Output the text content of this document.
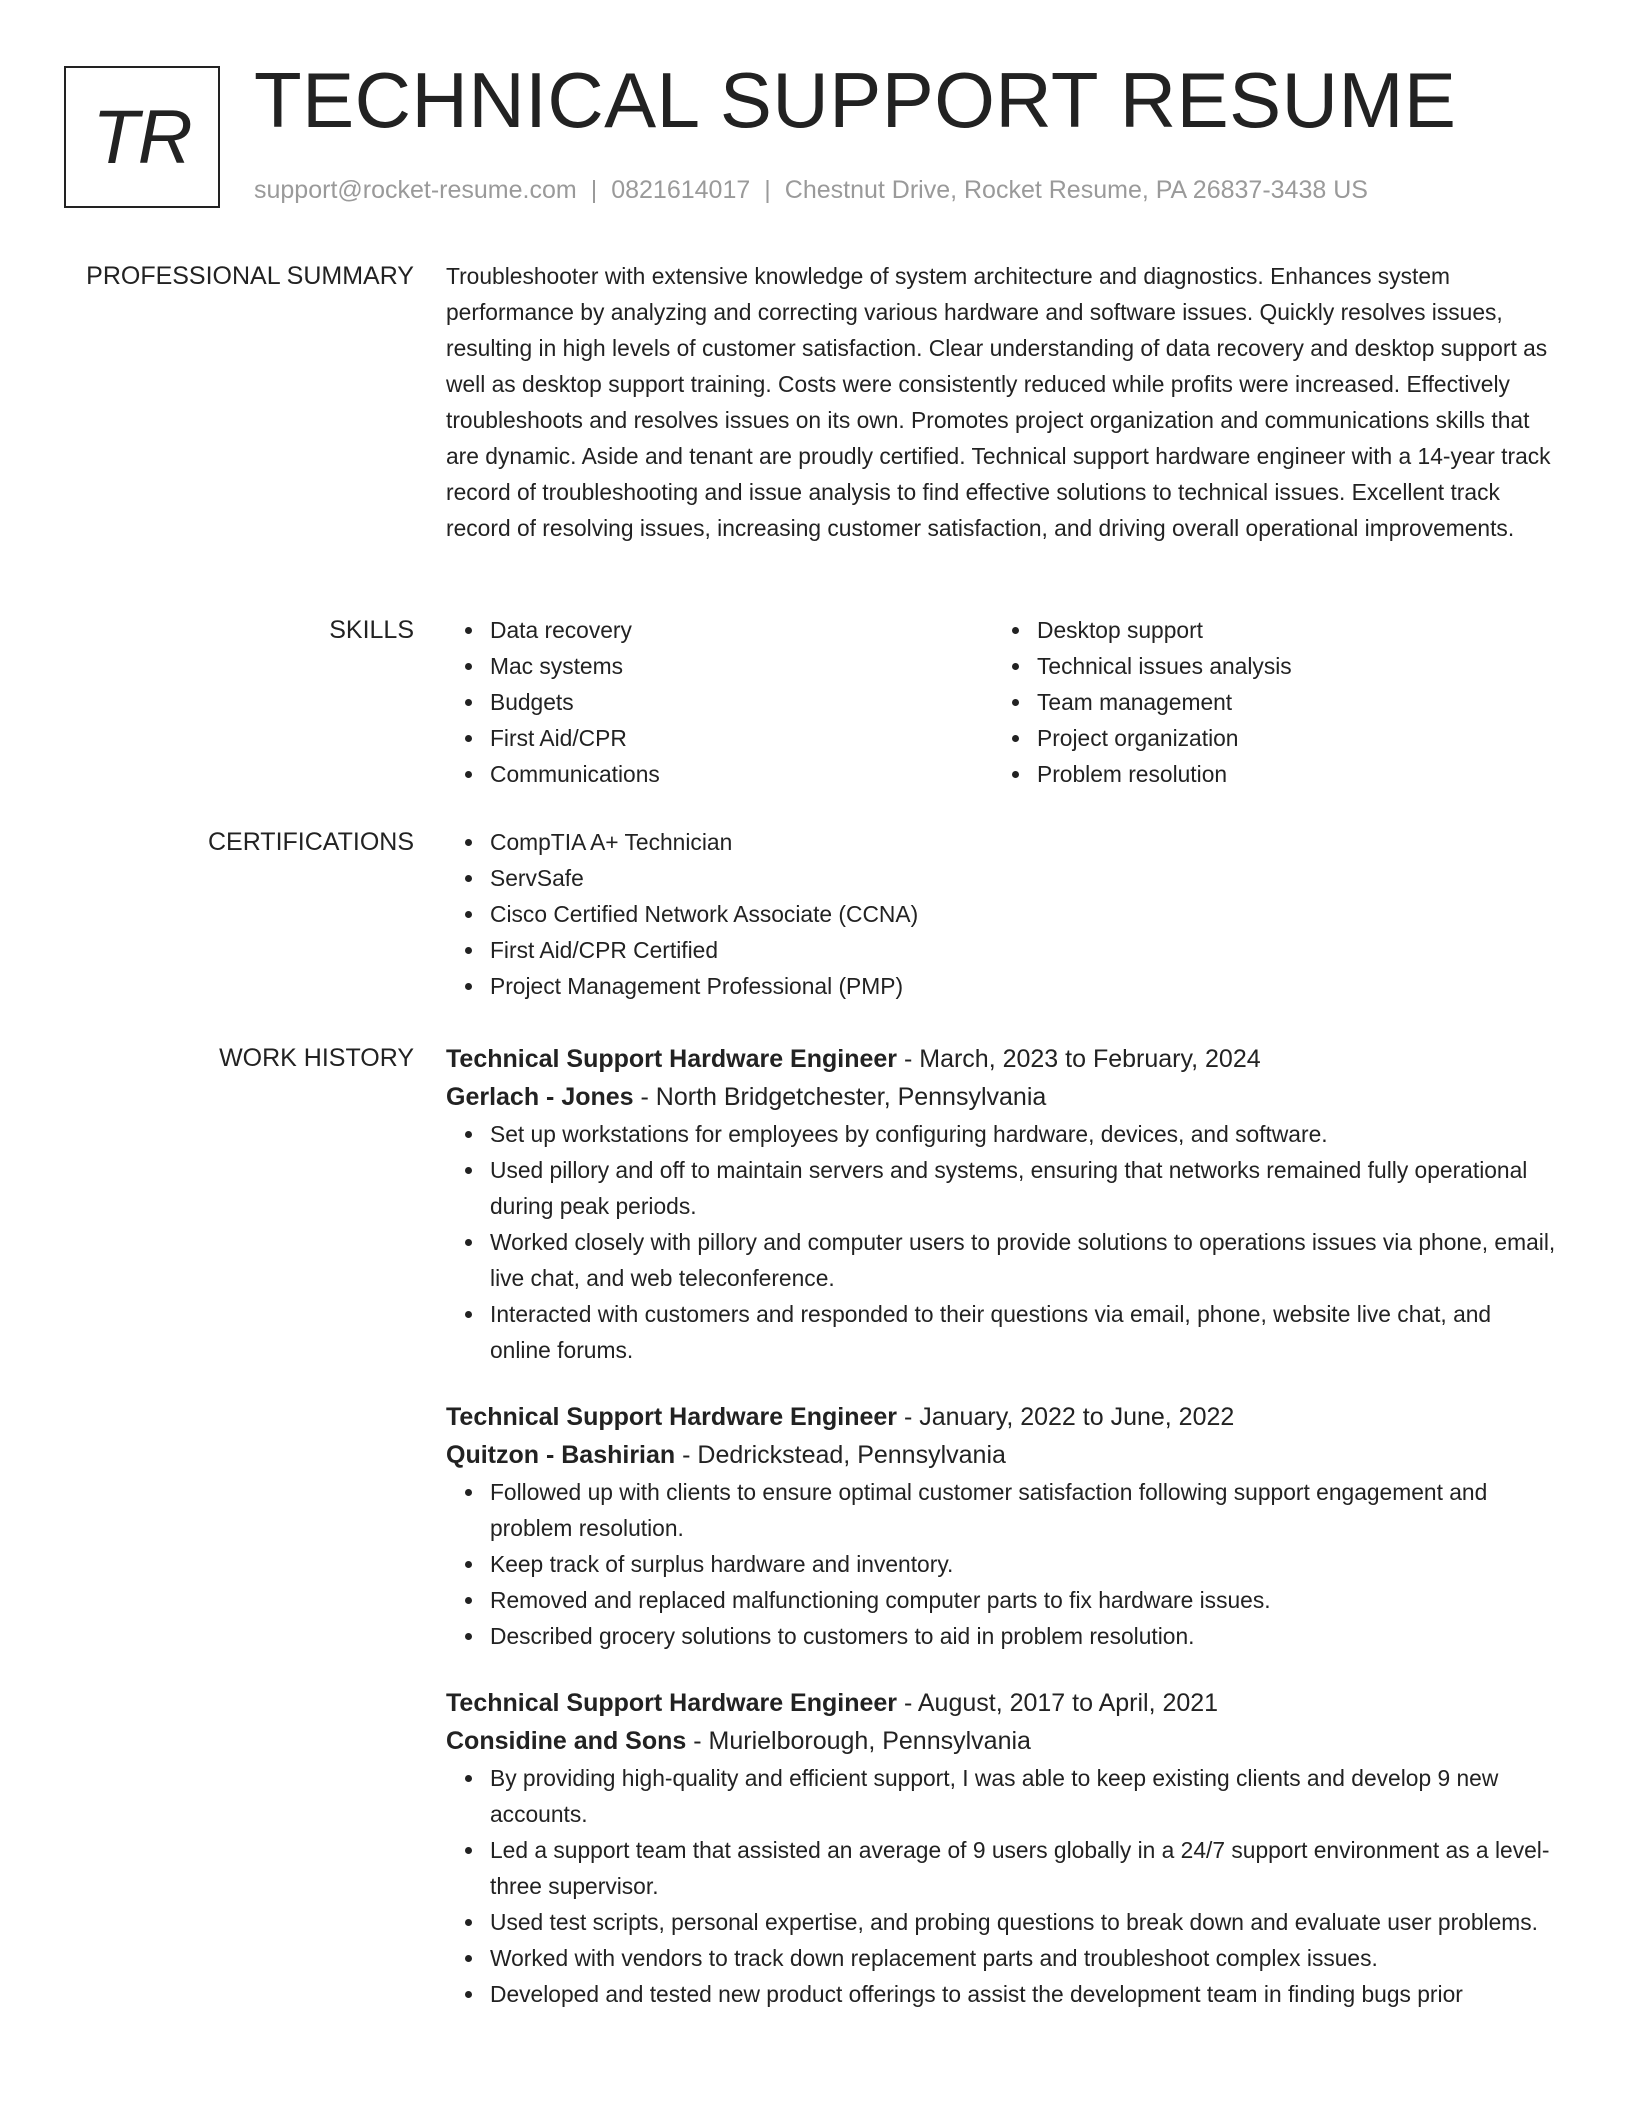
TR TECHNICAL SUPPORT RESUME
support@rocket-resume.com | 0821614017 | Chestnut Drive, Rocket Resume, PA 26837-3438 US
PROFESSIONAL SUMMARY Troubleshooter with extensive knowledge of system architecture and diagnostics. Enhances system performance by analyzing and correcting various hardware and software issues. Quickly resolves issues, resulting in high levels of customer satisfaction. Clear understanding of data recovery and desktop support as well as desktop support training. Costs were consistently reduced while profits were increased. Effectively troubleshoots and resolves issues on its own. Promotes project organization and communications skills that are dynamic. Aside and tenant are proudly certified. Technical support hardware engineer with a 14-year track record of troubleshooting and issue analysis to find effective solutions to technical issues. Excellent track record of resolving issues, increasing customer satisfaction, and driving overall operational improvements.
SKILLS	Data recovery
Mac systems
Budgets
First Aid/CPR
Communications
Desktop support
Technical issues analysis
Team management
Project organization
Problem resolution
CERTIFICATIONS	CompTIA A+ Technician
ServSafe
Cisco Certified Network Associate (CCNA)
First Aid/CPR Certified
Project Management Professional (PMP)
WORK HISTORY Technical Support Hardware Engineer - March, 2023 to February, 2024
Gerlach - Jones - North Bridgetchester, Pennsylvania
Set up workstations for employees by configuring hardware, devices, and software.
Used pillory and off to maintain servers and systems, ensuring that networks remained fully operational during peak periods.
Worked closely with pillory and computer users to provide solutions to operations issues via phone, email, live chat, and web teleconference.
Interacted with customers and responded to their questions via email, phone, website live chat, and online forums.
Technical Support Hardware Engineer - January, 2022 to June, 2022
Quitzon - Bashirian - Dedrickstead, Pennsylvania
Followed up with clients to ensure optimal customer satisfaction following support engagement and problem resolution.
Keep track of surplus hardware and inventory.
Removed and replaced malfunctioning computer parts to fix hardware issues.
Described grocery solutions to customers to aid in problem resolution.
Technical Support Hardware Engineer - August, 2017 to April, 2021
Considine and Sons - Murielborough, Pennsylvania
By providing high-quality and efficient support, I was able to keep existing clients and develop 9 new accounts.
Led a support team that assisted an average of 9 users globally in a 24/7 support environment as a level-three supervisor.
Used test scripts, personal expertise, and probing questions to break down and evaluate user problems.
Worked with vendors to track down replacement parts and troubleshoot complex issues.
Developed and tested new product offerings to assist the development team in finding bugs prior
